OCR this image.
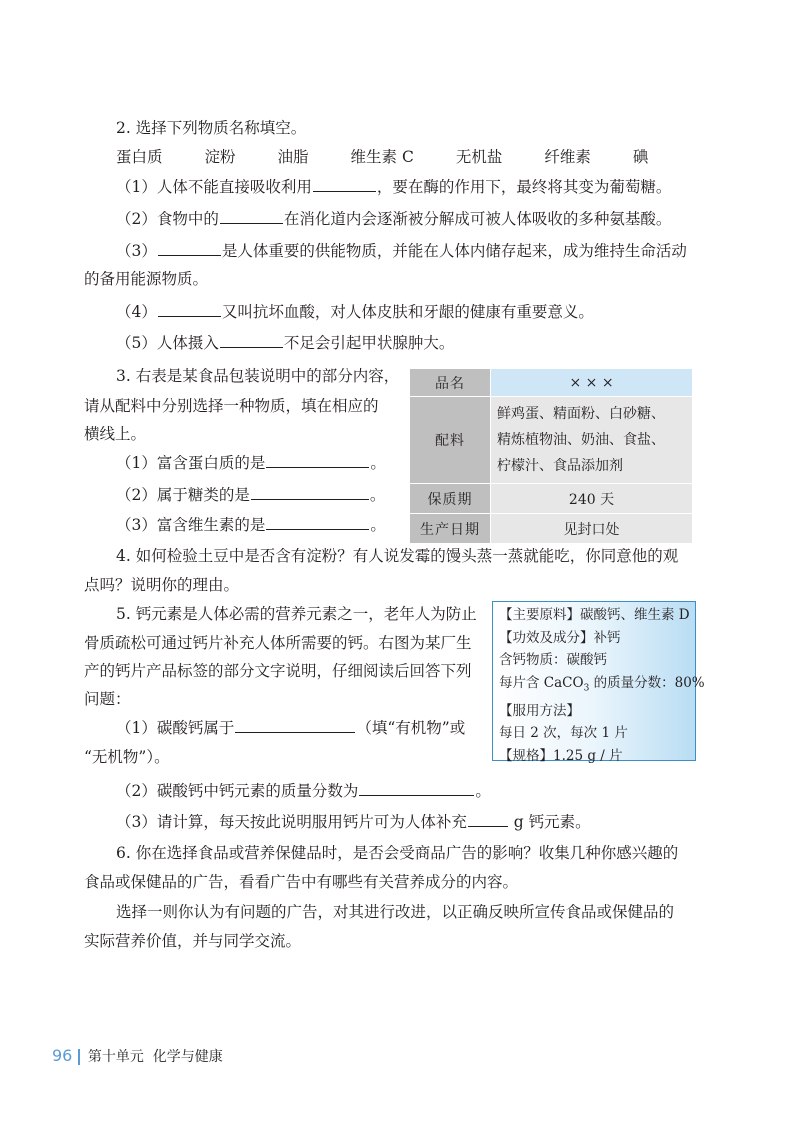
2. 选择下列物质名称填空。
蛋白质	淀粉	油脂	维生素 C	无机盐	纤维素	碘
（1）人体不能直接吸收利用	，要在酶的作用下，最终将其变为葡萄糖。
（2）食物中的	在消化道内会逐渐被分解成可被人体吸收的多种氨基酸。
（3）	是人体重要的供能物质，并能在人体内储存起来，成为维持生命活动
的备用能源物质。
（4）	又叫抗坏血酸，对人体皮肤和牙龈的健康有重要意义。
（5）人体摄入	不足会引起甲状腺肿大。
3. 右表是某食品包装说明中的部分内容，
请从配料中分别选择一种物质，填在相应的
横线上。
（1）富含蛋白质的是	。
（2）属于糖类的是	。
（3）富含维生素的是	。
品名	× × ×
配料	鲜鸡蛋、精面粉、白砂糖、
精炼植物油、奶油、食盐、
柠檬汁、食品添加剂

保质期	240 天
生产日期	见封口处
4. 如何检验土豆中是否含有淀粉？有人说发霉的馒头蒸一蒸就能吃，你同意他的观
点吗？说明你的理由。
5. 钙元素是人体必需的营养元素之一，老年人为防止
骨质疏松可通过钙片补充人体所需要的钙。右图为某厂生
产的钙片产品标签的部分文字说明，仔细阅读后回答下列
问题：
（1）碳酸钙属于	（填“有机物”或
“无机物”）。
（2）碳酸钙中钙元素的质量分数为	。
（3）请计算，每天按此说明服用钙片可为人体补充	g 钙元素。
【主要原料】碳酸钙、维生素 D
【功效及成分】补钙
含钙物质：碳酸钙
每片含 CaCO$_3$ 的质量分数：80%
【服用方法】
每日 2 次，每次 1 片
【规格】1.25 g / 片
6. 你在选择食品或营养保健品时，是否会受商品广告的影响？收集几种你感兴趣的
食品或保健品的广告，看看广告中有哪些有关营养成分的内容。
选择一则你认为有问题的广告，对其进行改进，以正确反映所宣传食品或保健品的
实际营养价值，并与同学交流。
96 第十单元 化学与健康
